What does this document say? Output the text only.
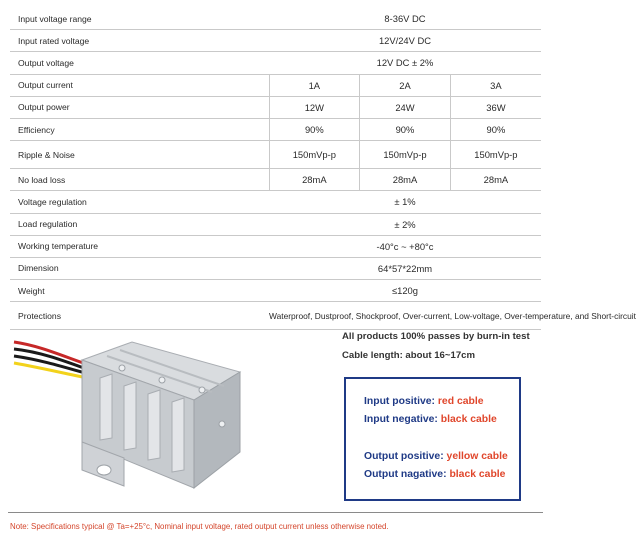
Input voltage range	8-36V DC		
Input rated voltage	12V/24V DC		
Output voltage	12V DC ± 2%		
Output current	1A	2A	3A
Output power	12W	24W	36W
Efficiency	90%	90%	90%
Ripple & Noise	150mVp-p	150mVp-p	150mVp-p
No load loss	28mA	28mA	28mA
Voltage regulation	± 1%		
Load regulation	± 2%		
Working temperature	-40°c ~ +80°c		
Dimension	64*57*22mm		
Weight	≤120g		
Protections	Waterproof, Dustproof, Shockproof, Over-current, Low-voltage, Over-temperature, and Short-circuit		
All products 100% passes by burn-in test
Cable length: about 16~17cm
Input positive: red cable
Input negative: black cable
Output positive: yellow cable
Output nagative: black cable
Note: Specifications typical @ Ta=+25°c, Nominal input voltage, rated output current unless otherwise noted.
